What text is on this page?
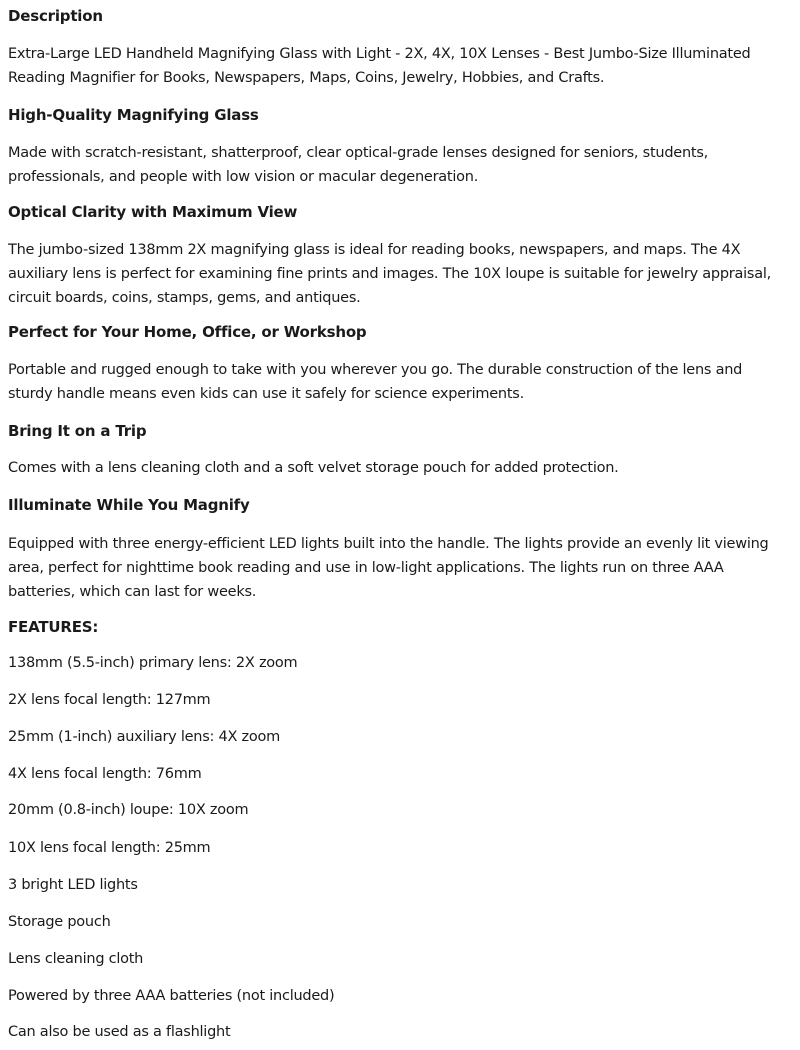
Description

Extra-Large LED Handheld Magnifying Glass with Light - 2X, 4X, 10X Lenses - Best Jumbo-Size Illuminated Reading Magnifier for Books, Newspapers, Maps, Coins, Jewelry, Hobbies, and Crafts.

High-Quality Magnifying Glass

Made with scratch-resistant, shatterproof, clear optical-grade lenses designed for seniors, students, professionals, and people with low vision or macular degeneration.

Optical Clarity with Maximum View

The jumbo-sized 138mm 2X magnifying glass is ideal for reading books, newspapers, and maps. The 4X auxiliary lens is perfect for examining fine prints and images. The 10X loupe is suitable for jewelry appraisal, circuit boards, coins, stamps, gems, and antiques.

Perfect for Your Home, Office, or Workshop

Portable and rugged enough to take with you wherever you go. The durable construction of the lens and sturdy handle means even kids can use it safely for science experiments.

Bring It on a Trip

Comes with a lens cleaning cloth and a soft velvet storage pouch for added protection.

Illuminate While You Magnify

Equipped with three energy-efficient LED lights built into the handle. The lights provide an evenly lit viewing area, perfect for nighttime book reading and use in low-light applications. The lights run on three AAA batteries, which can last for weeks.

FEATURES:
138mm (5.5-inch) primary lens: 2X zoom
2X lens focal length: 127mm
25mm (1-inch) auxiliary lens: 4X zoom
4X lens focal length: 76mm
20mm (0.8-inch) loupe: 10X zoom
10X lens focal length: 25mm
3 bright LED lights
Storage pouch
Lens cleaning cloth
Powered by three AAA batteries (not included)
Can also be used as a flashlight
